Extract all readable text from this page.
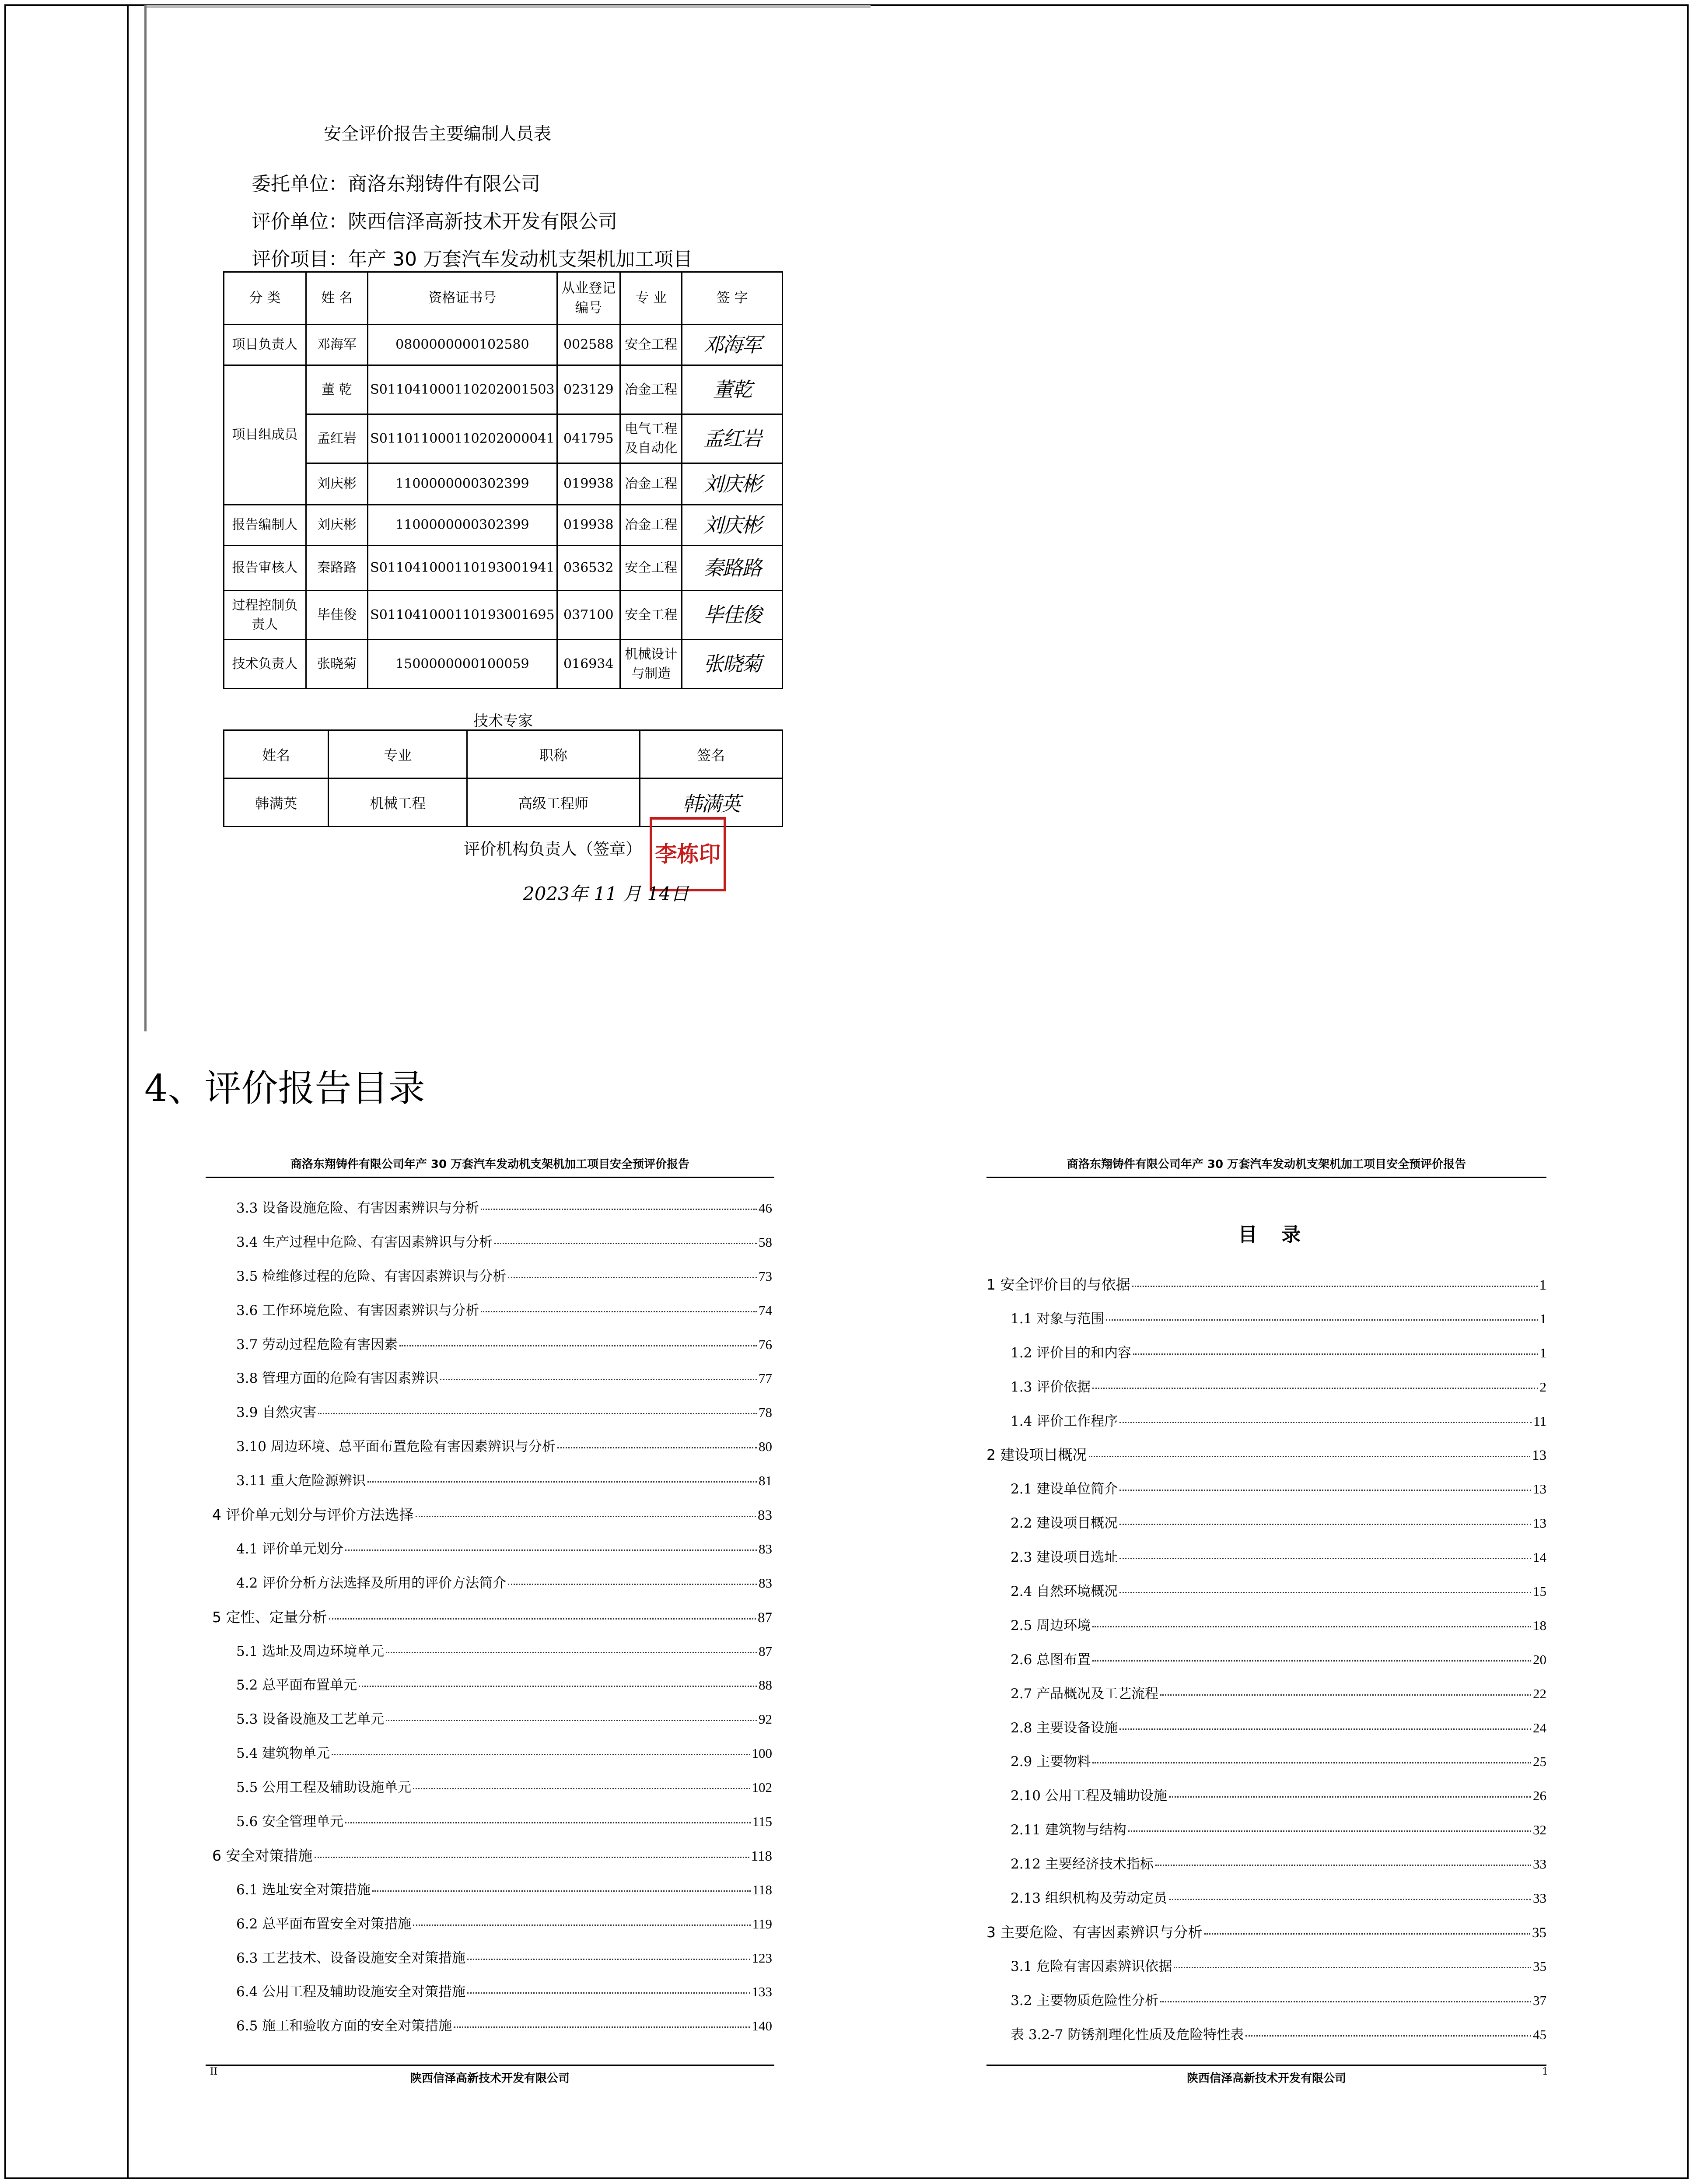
安全评价报告主要编制人员表
委托单位：商洛东翔铸件有限公司
评价单位：陕西信泽高新技术开发有限公司
评价项目：年产 30 万套汽车发动机支架机加工项目
分 类	姓 名	资格证书号	从业登记编号	专 业	签 字
项目负责人	邓海军	0800000000102580	002588	安全工程	邓海军
项目组成员	董 乾	S011041000110202001503	023129	冶金工程	董乾
	孟红岩	S011011000110202000041	041795	电气工程及自动化	孟红岩
	刘庆彬	1100000000302399	019938	冶金工程	刘庆彬
报告编制人	刘庆彬	1100000000302399	019938	冶金工程	刘庆彬
报告审核人	秦路路	S011041000110193001941	036532	安全工程	秦路路
过程控制负责人	毕佳俊	S011041000110193001695	037100	安全工程	毕佳俊
技术负责人	张晓菊	1500000000100059	016934	机械设计与制造	张晓菊
技术专家
姓名	专业	职称	签名
韩满英	机械工程	高级工程师	韩满英
评价机构负责人（签章） 李栋印
2023年 11 月 14日
4、评价报告目录
商洛东翔铸件有限公司年产 30 万套汽车发动机支架机加工项目安全预评价报告
3.3 设备设施危险、有害因素辨识与分析	46
3.4 生产过程中危险、有害因素辨识与分析	58
3.5 检维修过程的危险、有害因素辨识与分析	73
3.6 工作环境危险、有害因素辨识与分析	74
3.7 劳动过程危险有害因素	76
3.8 管理方面的危险有害因素辨识	77
3.9 自然灾害	78
3.10 周边环境、总平面布置危险有害因素辨识与分析	80
3.11 重大危险源辨识	81
4 评价单元划分与评价方法选择	83
4.1 评价单元划分	83
4.2 评价分析方法选择及所用的评价方法简介	83
5 定性、定量分析	87
5.1 选址及周边环境单元	87
5.2 总平面布置单元	88
5.3 设备设施及工艺单元	92
5.4 建筑物单元	100
5.5 公用工程及辅助设施单元	102
5.6 安全管理单元	115
6 安全对策措施	118
6.1 选址安全对策措施	118
6.2 总平面布置安全对策措施	119
6.3 工艺技术、设备设施安全对策措施	123
6.4 公用工程及辅助设施安全对策措施	133
6.5 施工和验收方面的安全对策措施	140
陕西信泽高新技术开发有限公司
II
商洛东翔铸件有限公司年产 30 万套汽车发动机支架机加工项目安全预评价报告
目 录
1 安全评价目的与依据	1
1.1 对象与范围	1
1.2 评价目的和内容	1
1.3 评价依据	2
1.4 评价工作程序	11
2 建设项目概况	13
2.1 建设单位简介	13
2.2 建设项目概况	13
2.3 建设项目选址	14
2.4 自然环境概况	15
2.5 周边环境	18
2.6 总图布置	20
2.7 产品概况及工艺流程	22
2.8 主要设备设施	24
2.9 主要物料	25
2.10 公用工程及辅助设施	26
2.11 建筑物与结构	32
2.12 主要经济技术指标	33
2.13 组织机构及劳动定员	33
3 主要危险、有害因素辨识与分析	35
3.1 危险有害因素辨识依据	35
3.2 主要物质危险性分析	37
表 3.2-7 防锈剂理化性质及危险特性表	45
陕西信泽高新技术开发有限公司
1
